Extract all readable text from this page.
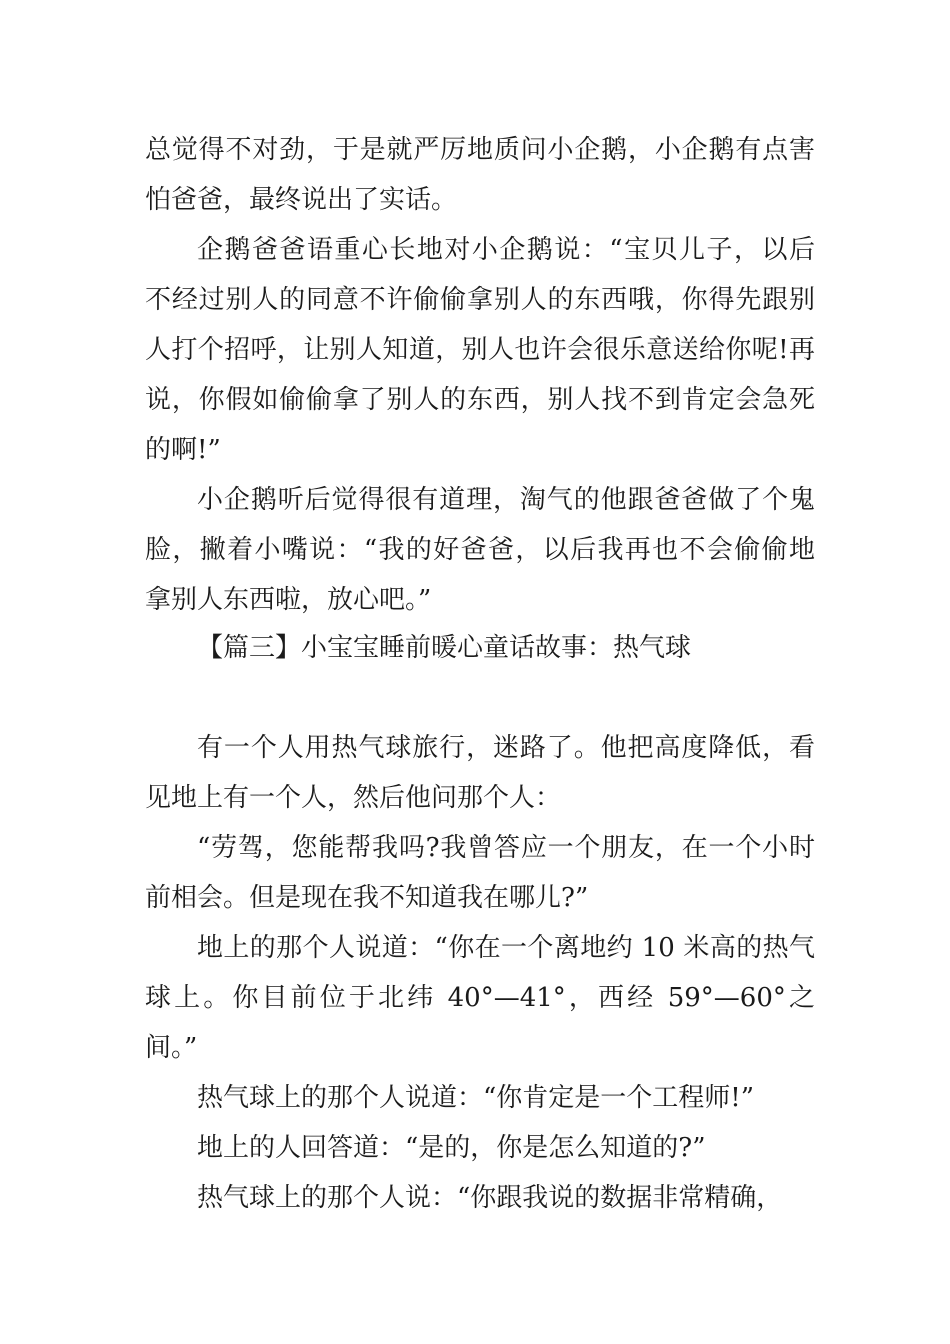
总觉得不对劲，于是就严厉地质问小企鹅，小企鹅有点害
怕爸爸，最终说出了实话。
企鹅爸爸语重心长地对小企鹅说：“宝贝儿子，以后
不经过别人的同意不许偷偷拿别人的东西哦，你得先跟别
人打个招呼，让别人知道，别人也许会很乐意送给你呢!再
说，你假如偷偷拿了别人的东西，别人找不到肯定会急死
的啊!”
小企鹅听后觉得很有道理，淘气的他跟爸爸做了个鬼
脸，撇着小嘴说：“我的好爸爸，以后我再也不会偷偷地
拿别人东西啦，放心吧。”
【篇三】小宝宝睡前暖心童话故事：热气球
有一个人用热气球旅行，迷路了。他把高度降低，看
见地上有一个人，然后他问那个人：
“劳驾，您能帮我吗?我曾答应一个朋友，在一个小时
前相会。但是现在我不知道我在哪儿?”
地上的那个人说道：“你在一个离地约 10 米高的热气
球上。你目前位于北纬 40°—41°，西经 59°—60°之
间。”
热气球上的那个人说道：“你肯定是一个工程师!”
地上的人回答道：“是的，你是怎么知道的?”
热气球上的那个人说：“你跟我说的数据非常精确，
